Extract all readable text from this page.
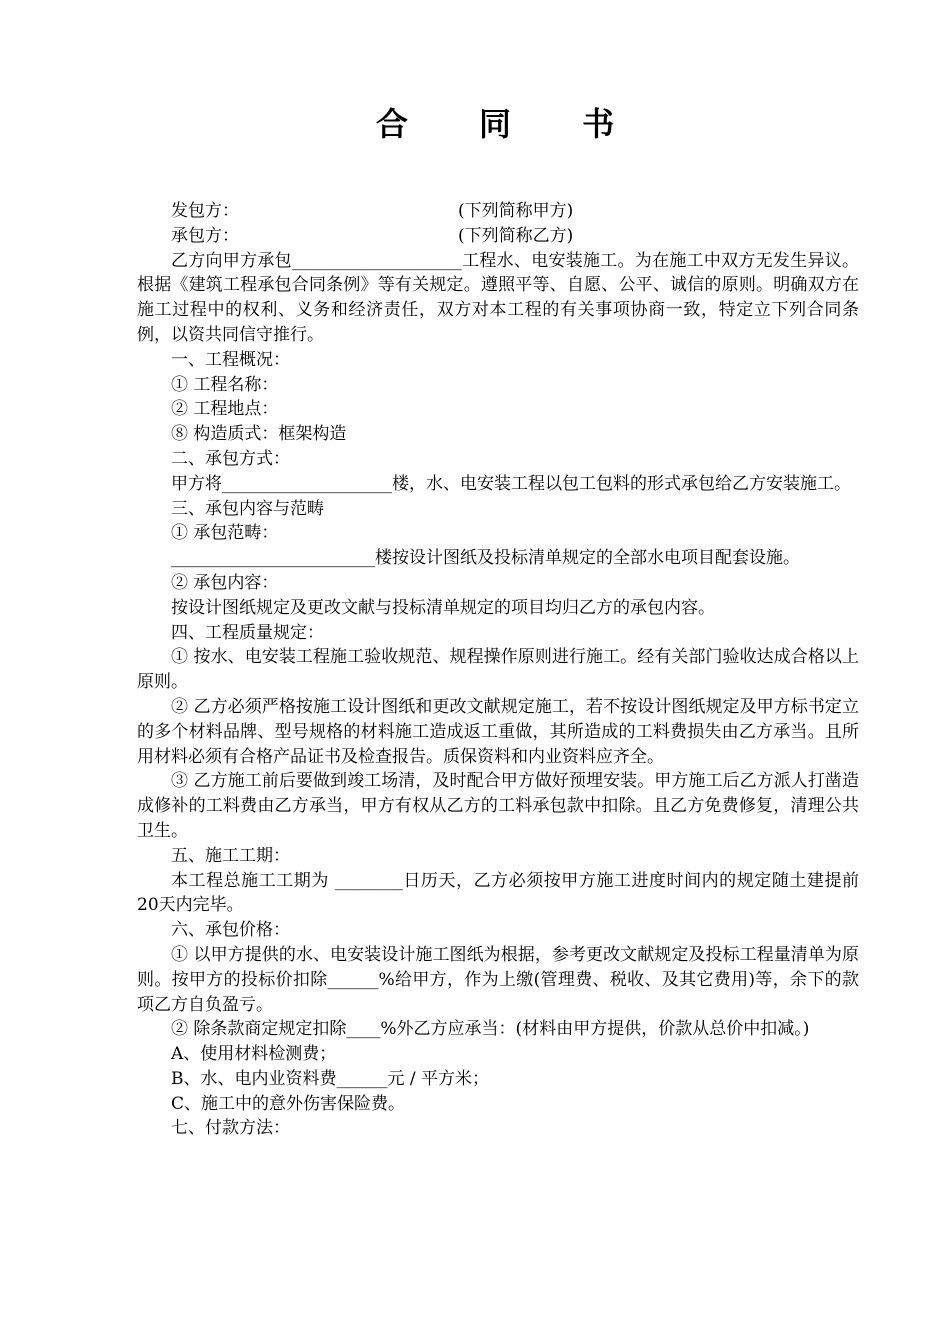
合 同 书
发包方：	(下列简称甲方)
承包方：	(下列简称乙方)

乙方向甲方承包____________________工程水、电安装施工。为在施工中双方无发生异议。根据《建筑工程承包合同条例》等有关规定。遵照平等、自愿、公平、诚信的原则。明确双方在施工过程中的权利、义务和经济责任，双方对本工程的有关事项协商一致，特定立下列合同条例，以资共同信守推行。

一、工程概况：

① 工程名称：

② 工程地点：

⑧ 构造质式：框架构造

二、承包方式：

甲方将____________________楼，水、电安装工程以包工包料的形式承包给乙方安装施工。

三、承包内容与范畴

① 承包范畴：

________________________楼按设计图纸及投标清单规定的全部水电项目配套设施。

② 承包内容：

按设计图纸规定及更改文献与投标清单规定的项目均归乙方的承包内容。

四、工程质量规定：

① 按水、电安装工程施工验收规范、规程操作原则进行施工。经有关部门验收达成合格以上原则。

② 乙方必须严格按施工设计图纸和更改文献规定施工，若不按设计图纸规定及甲方标书定立的多个材料品牌、型号规格的材料施工造成返工重做，其所造成的工料费损失由乙方承当。且所用材料必须有合格产品证书及检查报告。质保资料和内业资料应齐全。

③ 乙方施工前后要做到竣工场清，及时配合甲方做好预埋安装。甲方施工后乙方派人打凿造成修补的工料费由乙方承当，甲方有权从乙方的工料承包款中扣除。且乙方免费修复，清理公共卫生。

五、施工工期：

本工程总施工工期为 ________日历天，乙方必须按甲方施工进度时间内的规定随土建提前20天内完毕。

六、承包价格：

① 以甲方提供的水、电安装设计施工图纸为根据，参考更改文献规定及投标工程量清单为原则。按甲方的投标价扣除______%给甲方，作为上缴(管理费、税收、及其它费用)等，余下的款项乙方自负盈亏。

② 除条款商定规定扣除____%外乙方应承当：(材料由甲方提供，价款从总价中扣减。)

A、使用材料检测费；

B、水、电内业资料费______元 / 平方米；

C、施工中的意外伤害保险费。

七、付款方法：
